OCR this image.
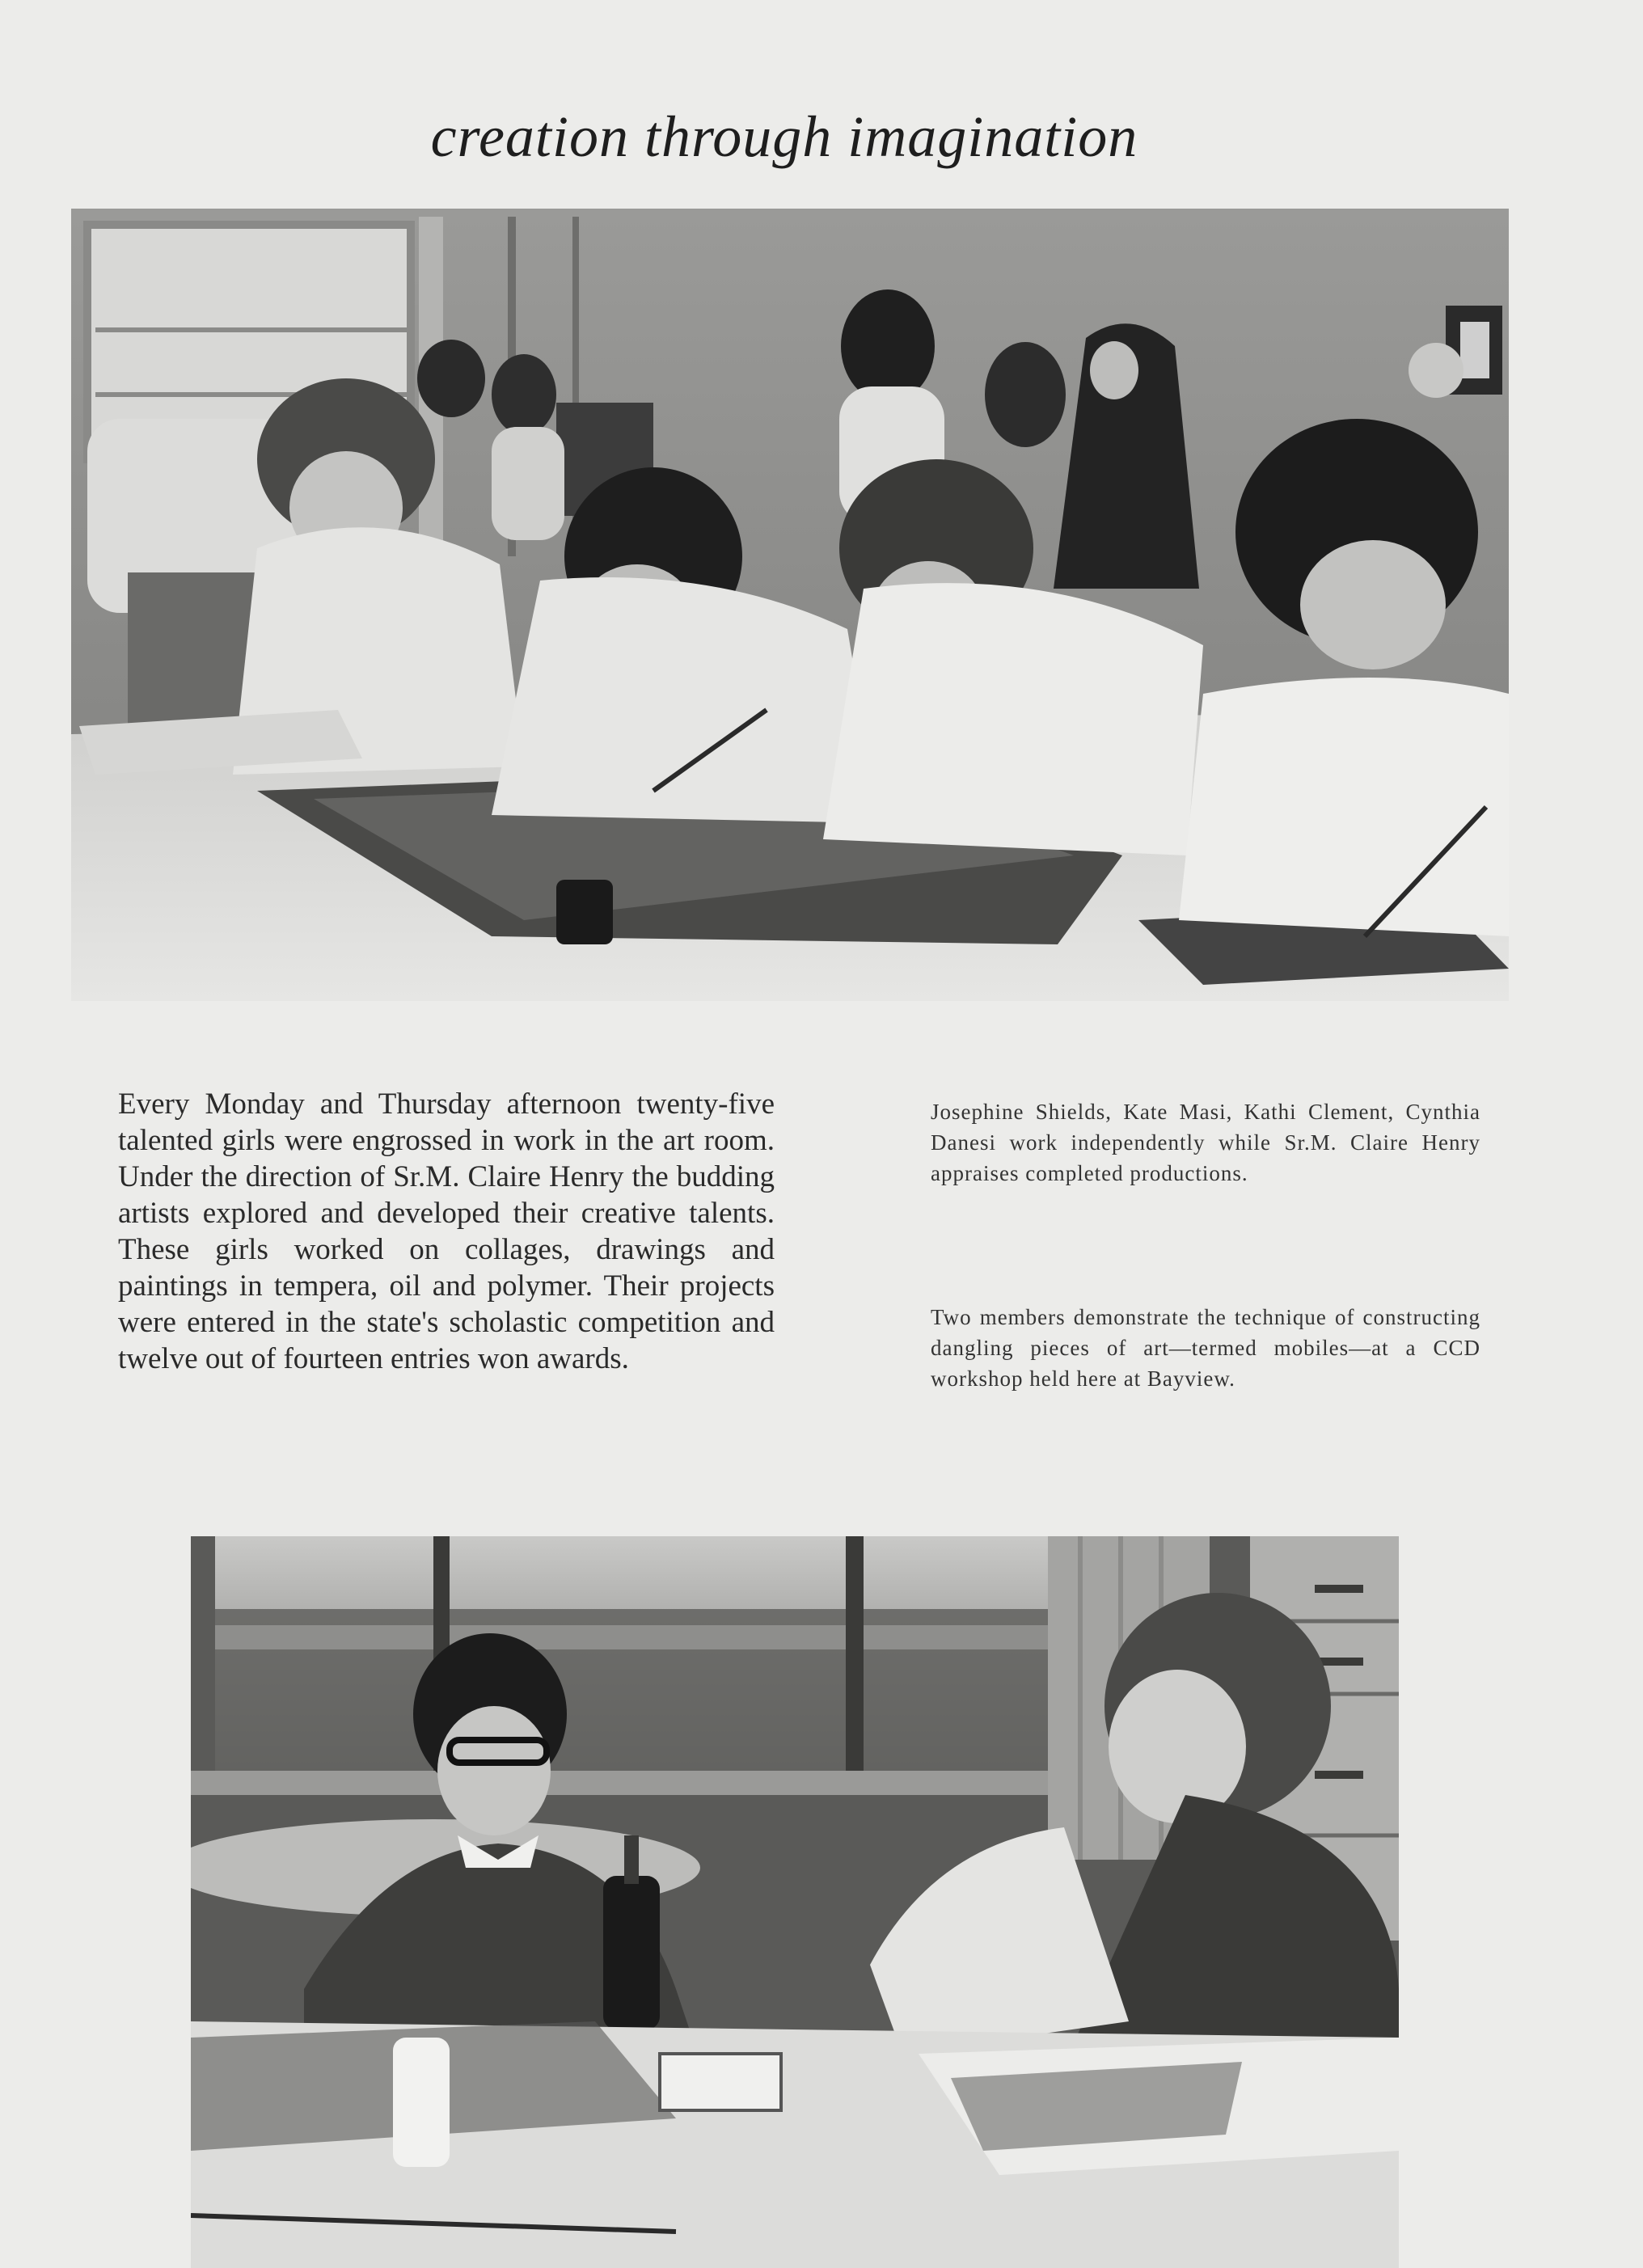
creation through imagination
Every Monday and Thursday afternoon twenty-five talented girls were engrossed in work in the art room. Under the direction of Sr.M. Claire Henry the budding artists explored and developed their creative talents. These girls worked on collages, drawings and paintings in tempera, oil and polymer. Their projects were entered in the state's scholastic competition and twelve out of fourteen entries won awards.
Josephine Shields, Kate Masi, Kathi Clement, Cynthia Danesi work independently while Sr.M. Claire Henry appraises completed productions.
Two members demonstrate the technique of constructing dangling pieces of art—termed mobiles—at a CCD workshop held here at Bayview.
